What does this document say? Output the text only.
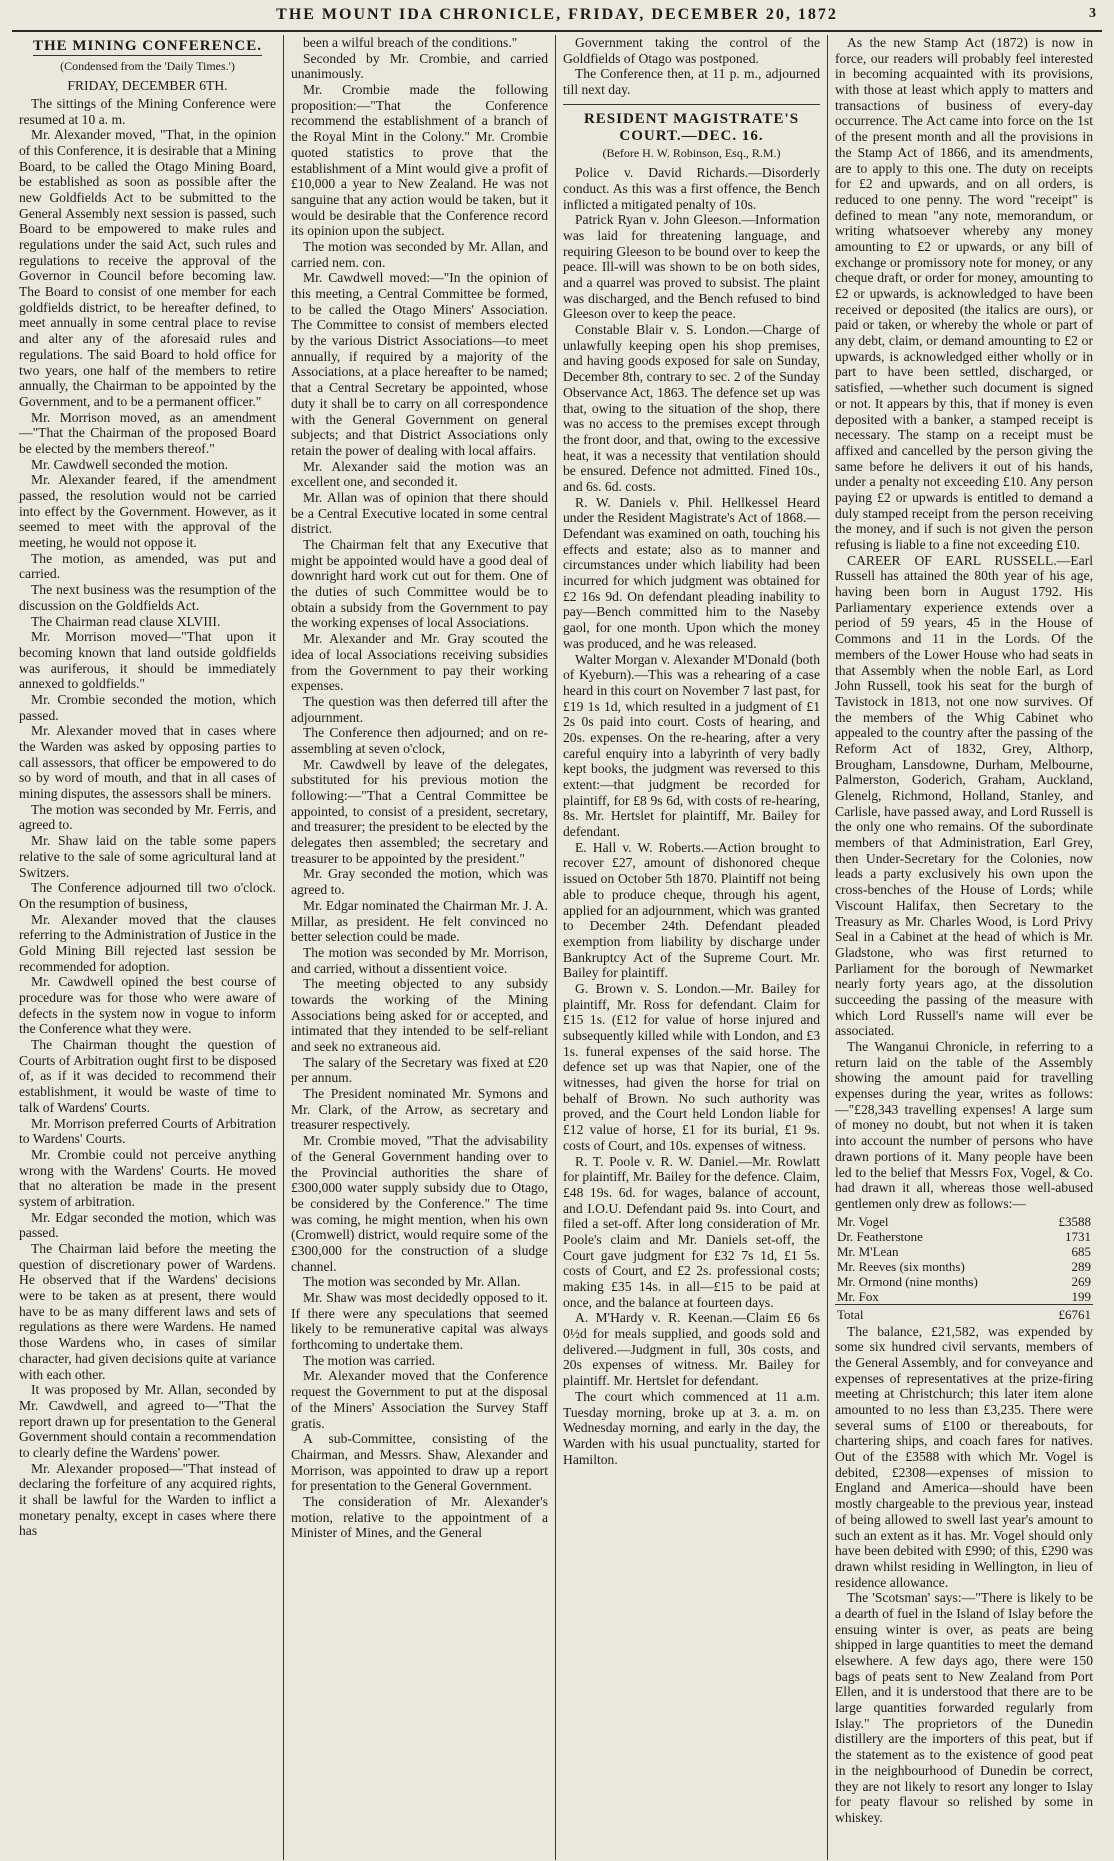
THE MOUNT IDA CHRONICLE, FRIDAY, DECEMBER 20, 1872	3
THE MINING CONFERENCE.
(Condensed from the 'Daily Times.')
FRIDAY, DECEMBER 6TH.

The sittings of the Mining Conference were resumed at 10 a. m.

Mr. Alexander moved, "That, in the opinion of this Conference, it is desirable that a Mining Board, to be called the Otago Mining Board, be established as soon as possible after the new Goldfields Act to be submitted to the General Assembly next session is passed, such Board to be empowered to make rules and regulations under the said Act, such rules and regulations to receive the approval of the Governor in Council before becoming law. The Board to consist of one member for each goldfields district, to be hereafter defined, to meet annually in some central place to revise and alter any of the aforesaid rules and regulations. The said Board to hold office for two years, one half of the members to retire annually, the Chairman to be appointed by the Government, and to be a permanent officer."

Mr. Morrison moved, as an amendment—"That the Chairman of the proposed Board be elected by the members thereof."

Mr. Cawdwell seconded the motion.

Mr. Alexander feared, if the amendment passed, the resolution would not be carried into effect by the Government. However, as it seemed to meet with the approval of the meeting, he would not oppose it.

The motion, as amended, was put and carried.

The next business was the resumption of the discussion on the Goldfields Act.

The Chairman read clause XLVIII.

Mr. Morrison moved—"That upon it becoming known that land outside goldfields was auriferous, it should be immediately annexed to goldfields."

Mr. Crombie seconded the motion, which passed.

Mr. Alexander moved that in cases where the Warden was asked by opposing parties to call assessors, that officer be empowered to do so by word of mouth, and that in all cases of mining disputes, the assessors shall be miners.

The motion was seconded by Mr. Ferris, and agreed to.

Mr. Shaw laid on the table some papers relative to the sale of some agricultural land at Switzers.

The Conference adjourned till two o'clock. On the resumption of business,

Mr. Alexander moved that the clauses referring to the Administration of Justice in the Gold Mining Bill rejected last session be recommended for adoption.

Mr. Cawdwell opined the best course of procedure was for those who were aware of defects in the system now in vogue to inform the Conference what they were.

The Chairman thought the question of Courts of Arbitration ought first to be disposed of, as if it was decided to recommend their establishment, it would be waste of time to talk of Wardens' Courts.

Mr. Morrison preferred Courts of Arbitration to Wardens' Courts.

Mr. Crombie could not perceive anything wrong with the Wardens' Courts. He moved that no alteration be made in the present system of arbitration.

Mr. Edgar seconded the motion, which was passed.

The Chairman laid before the meeting the question of discretionary power of Wardens. He observed that if the Wardens' decisions were to be taken as at present, there would have to be as many different laws and sets of regulations as there were Wardens. He named those Wardens who, in cases of similar character, had given decisions quite at variance with each other.

It was proposed by Mr. Allan, seconded by Mr. Cawdwell, and agreed to—"That the report drawn up for presentation to the General Government should contain a recommendation to clearly define the Wardens' power.

Mr. Alexander proposed—"That instead of declaring the forfeiture of any acquired rights, it shall be lawful for the Warden to inflict a monetary penalty, except in cases where there has

been a wilful breach of the conditions."

Seconded by Mr. Crombie, and carried unanimously.

Mr. Crombie made the following proposition:—"That the Conference recommend the establishment of a branch of the Royal Mint in the Colony." Mr. Crombie quoted statistics to prove that the establishment of a Mint would give a profit of £10,000 a year to New Zealand. He was not sanguine that any action would be taken, but it would be desirable that the Conference record its opinion upon the subject.

The motion was seconded by Mr. Allan, and carried nem. con.

Mr. Cawdwell moved:—"In the opinion of this meeting, a Central Committee be formed, to be called the Otago Miners' Association. The Committee to consist of members elected by the various District Associations—to meet annually, if required by a majority of the Associations, at a place hereafter to be named; that a Central Secretary be appointed, whose duty it shall be to carry on all correspondence with the General Government on general subjects; and that District Associations only retain the power of dealing with local affairs.

Mr. Alexander said the motion was an excellent one, and seconded it.

Mr. Allan was of opinion that there should be a Central Executive located in some central district.

The Chairman felt that any Executive that might be appointed would have a good deal of downright hard work cut out for them. One of the duties of such Committee would be to obtain a subsidy from the Government to pay the working expenses of local Associations.

Mr. Alexander and Mr. Gray scouted the idea of local Associations receiving subsidies from the Government to pay their working expenses.

The question was then deferred till after the adjournment.

The Conference then adjourned; and on re-assembling at seven o'clock,

Mr. Cawdwell by leave of the delegates, substituted for his previous motion the following:—"That a Central Committee be appointed, to consist of a president, secretary, and treasurer; the president to be elected by the delegates then assembled; the secretary and treasurer to be appointed by the president."

Mr. Gray seconded the motion, which was agreed to.

Mr. Edgar nominated the Chairman Mr. J. A. Millar, as president. He felt convinced no better selection could be made.

The motion was seconded by Mr. Morrison, and carried, without a dissentient voice.

The meeting objected to any subsidy towards the working of the Mining Associations being asked for or accepted, and intimated that they intended to be self-reliant and seek no extraneous aid.

The salary of the Secretary was fixed at £20 per annum.

The President nominated Mr. Symons and Mr. Clark, of the Arrow, as secretary and treasurer respectively.

Mr. Crombie moved, "That the advisability of the General Government handing over to the Provincial authorities the share of £300,000 water supply subsidy due to Otago, be considered by the Conference." The time was coming, he might mention, when his own (Cromwell) district, would require some of the £300,000 for the construction of a sludge channel.

The motion was seconded by Mr. Allan.

Mr. Shaw was most decidedly opposed to it. If there were any speculations that seemed likely to be remunerative capital was always forthcoming to undertake them.

The motion was carried.

Mr. Alexander moved that the Conference request the Government to put at the disposal of the Miners' Association the Survey Staff gratis.

A sub-Committee, consisting of the Chairman, and Messrs. Shaw, Alexander and Morrison, was appointed to draw up a report for presentation to the General Government.

The consideration of Mr. Alexander's motion, relative to the appointment of a Minister of Mines, and the General

Government taking the control of the Goldfields of Otago was postponed.

The Conference then, at 11 p. m., adjourned till next day.

RESIDENT MAGISTRATE'S COURT.—DEC. 16.
(Before H. W. Robinson, Esq., R.M.)

Police v. David Richards.—Disorderly conduct. As this was a first offence, the Bench inflicted a mitigated penalty of 10s.

Patrick Ryan v. John Gleeson.—Information was laid for threatening language, and requiring Gleeson to be bound over to keep the peace. Ill-will was shown to be on both sides, and a quarrel was proved to subsist. The plaint was discharged, and the Bench refused to bind Gleeson over to keep the peace.

Constable Blair v. S. London.—Charge of unlawfully keeping open his shop premises, and having goods exposed for sale on Sunday, December 8th, contrary to sec. 2 of the Sunday Observance Act, 1863. The defence set up was that, owing to the situation of the shop, there was no access to the premises except through the front door, and that, owing to the excessive heat, it was a necessity that ventilation should be ensured. Defence not admitted. Fined 10s., and 6s. 6d. costs.

R. W. Daniels v. Phil. Hellkessel Heard under the Resident Magistrate's Act of 1868.—Defendant was examined on oath, touching his effects and estate; also as to manner and circumstances under which liability had been incurred for which judgment was obtained for £2 16s 9d. On defendant pleading inability to pay—Bench committed him to the Naseby gaol, for one month. Upon which the money was produced, and he was released.

Walter Morgan v. Alexander M'Donald (both of Kyeburn).—This was a rehearing of a case heard in this court on November 7 last past, for £19 1s 1d, which resulted in a judgment of £1 2s 0s paid into court. Costs of hearing, and 20s. expenses. On the re-hearing, after a very careful enquiry into a labyrinth of very badly kept books, the judgment was reversed to this extent:—that judgment be recorded for plaintiff, for £8 9s 6d, with costs of re-hearing, 8s. Mr. Hertslet for plaintiff, Mr. Bailey for defendant.

E. Hall v. W. Roberts.—Action brought to recover £27, amount of dishonored cheque issued on October 5th 1870. Plaintiff not being able to produce cheque, through his agent, applied for an adjournment, which was granted to December 24th. Defendant pleaded exemption from liability by discharge under Bankruptcy Act of the Supreme Court. Mr. Bailey for plaintiff.

G. Brown v. S. London.—Mr. Bailey for plaintiff, Mr. Ross for defendant. Claim for £15 1s. (£12 for value of horse injured and subsequently killed while with London, and £3 1s. funeral expenses of the said horse. The defence set up was that Napier, one of the witnesses, had given the horse for trial on behalf of Brown. No such authority was proved, and the Court held London liable for £12 value of horse, £1 for its burial, £1 9s. costs of Court, and 10s. expenses of witness.

R. T. Poole v. R. W. Daniel.—Mr. Rowlatt for plaintiff, Mr. Bailey for the defence. Claim, £48 19s. 6d. for wages, balance of account, and I.O.U. Defendant paid 9s. into Court, and filed a set-off. After long consideration of Mr. Poole's claim and Mr. Daniels set-off, the Court gave judgment for £32 7s 1d, £1 5s. costs of Court, and £2 2s. professional costs; making £35 14s. in all—£15 to be paid at once, and the balance at fourteen days.

A. M'Hardy v. R. Keenan.—Claim £6 6s 0½d for meals supplied, and goods sold and delivered.—Judgment in full, 30s costs, and 20s expenses of witness. Mr. Bailey for plaintiff. Mr. Hertslet for defendant.

The court which commenced at 11 a.m. Tuesday morning, broke up at 3. a. m. on Wednesday morning, and early in the day, the Warden with his usual punctuality, started for Hamilton.

As the new Stamp Act (1872) is now in force, our readers will probably feel interested in becoming acquainted with its provisions, with those at least which apply to matters and transactions of business of every-day occurrence. The Act came into force on the 1st of the present month and all the provisions in the Stamp Act of 1866, and its amendments, are to apply to this one. The duty on receipts for £2 and upwards, and on all orders, is reduced to one penny. The word "receipt" is defined to mean "any note, memorandum, or writing whatsoever whereby any money amounting to £2 or upwards, or any bill of exchange or promissory note for money, or any cheque draft, or order for money, amounting to £2 or upwards, is acknowledged to have been received or deposited (the italics are ours), or paid or taken, or whereby the whole or part of any debt, claim, or demand amounting to £2 or upwards, is acknowledged either wholly or in part to have been settled, discharged, or satisfied, —whether such document is signed or not. It appears by this, that if money is even deposited with a banker, a stamped receipt is necessary. The stamp on a receipt must be affixed and cancelled by the person giving the same before he delivers it out of his hands, under a penalty not exceeding £10. Any person paying £2 or upwards is entitled to demand a duly stamped receipt from the person receiving the money, and if such is not given the person refusing is liable to a fine not exceeding £10.

CAREER OF EARL RUSSELL.—Earl Russell has attained the 80th year of his age, having been born in August 1792. His Parliamentary experience extends over a period of 59 years, 45 in the House of Commons and 11 in the Lords. Of the members of the Lower House who had seats in that Assembly when the noble Earl, as Lord John Russell, took his seat for the burgh of Tavistock in 1813, not one now survives. Of the members of the Whig Cabinet who appealed to the country after the passing of the Reform Act of 1832, Grey, Althorp, Brougham, Lansdowne, Durham, Melbourne, Palmerston, Goderich, Graham, Auckland, Glenelg, Richmond, Holland, Stanley, and Carlisle, have passed away, and Lord Russell is the only one who remains. Of the subordinate members of that Administration, Earl Grey, then Under-Secretary for the Colonies, now leads a party exclusively his own upon the cross-benches of the House of Lords; while Viscount Halifax, then Secretary to the Treasury as Mr. Charles Wood, is Lord Privy Seal in a Cabinet at the head of which is Mr. Gladstone, who was first returned to Parliament for the borough of Newmarket nearly forty years ago, at the dissolution succeeding the passing of the measure with which Lord Russell's name will ever be associated.

The Wanganui Chronicle, in referring to a return laid on the table of the Assembly showing the amount paid for travelling expenses during the year, writes as follows:—"£28,343 travelling expenses! A large sum of money no doubt, but not when it is taken into account the number of persons who have drawn portions of it. Many people have been led to the belief that Messrs Fox, Vogel, & Co. had drawn it all, whereas those well-abused gentlemen only drew as follows:—

Mr. Vogel	£3588
Dr. Featherstone	1731
Mr. M'Lean	685
Mr. Reeves (six months)	289
Mr. Ormond (nine months)	269
Mr. Fox	199
Total	£6761

The balance, £21,582, was expended by some six hundred civil servants, members of the General Assembly, and for conveyance and expenses of representatives at the prize-firing meeting at Christchurch; this later item alone amounted to no less than £3,235. There were several sums of £100 or thereabouts, for chartering ships, and coach fares for natives. Out of the £3588 with which Mr. Vogel is debited, £2308—expenses of mission to England and America—should have been mostly chargeable to the previous year, instead of being allowed to swell last year's amount to such an extent as it has. Mr. Vogel should only have been debited with £990; of this, £290 was drawn whilst residing in Wellington, in lieu of residence allowance.

The 'Scotsman' says:—"There is likely to be a dearth of fuel in the Island of Islay before the ensuing winter is over, as peats are being shipped in large quantities to meet the demand elsewhere. A few days ago, there were 150 bags of peats sent to New Zealand from Port Ellen, and it is understood that there are to be large quantities forwarded regularly from Islay." The proprietors of the Dunedin distillery are the importers of this peat, but if the statement as to the existence of good peat in the neighbourhood of Dunedin be correct, they are not likely to resort any longer to Islay for peaty flavour so relished by some in whiskey.
